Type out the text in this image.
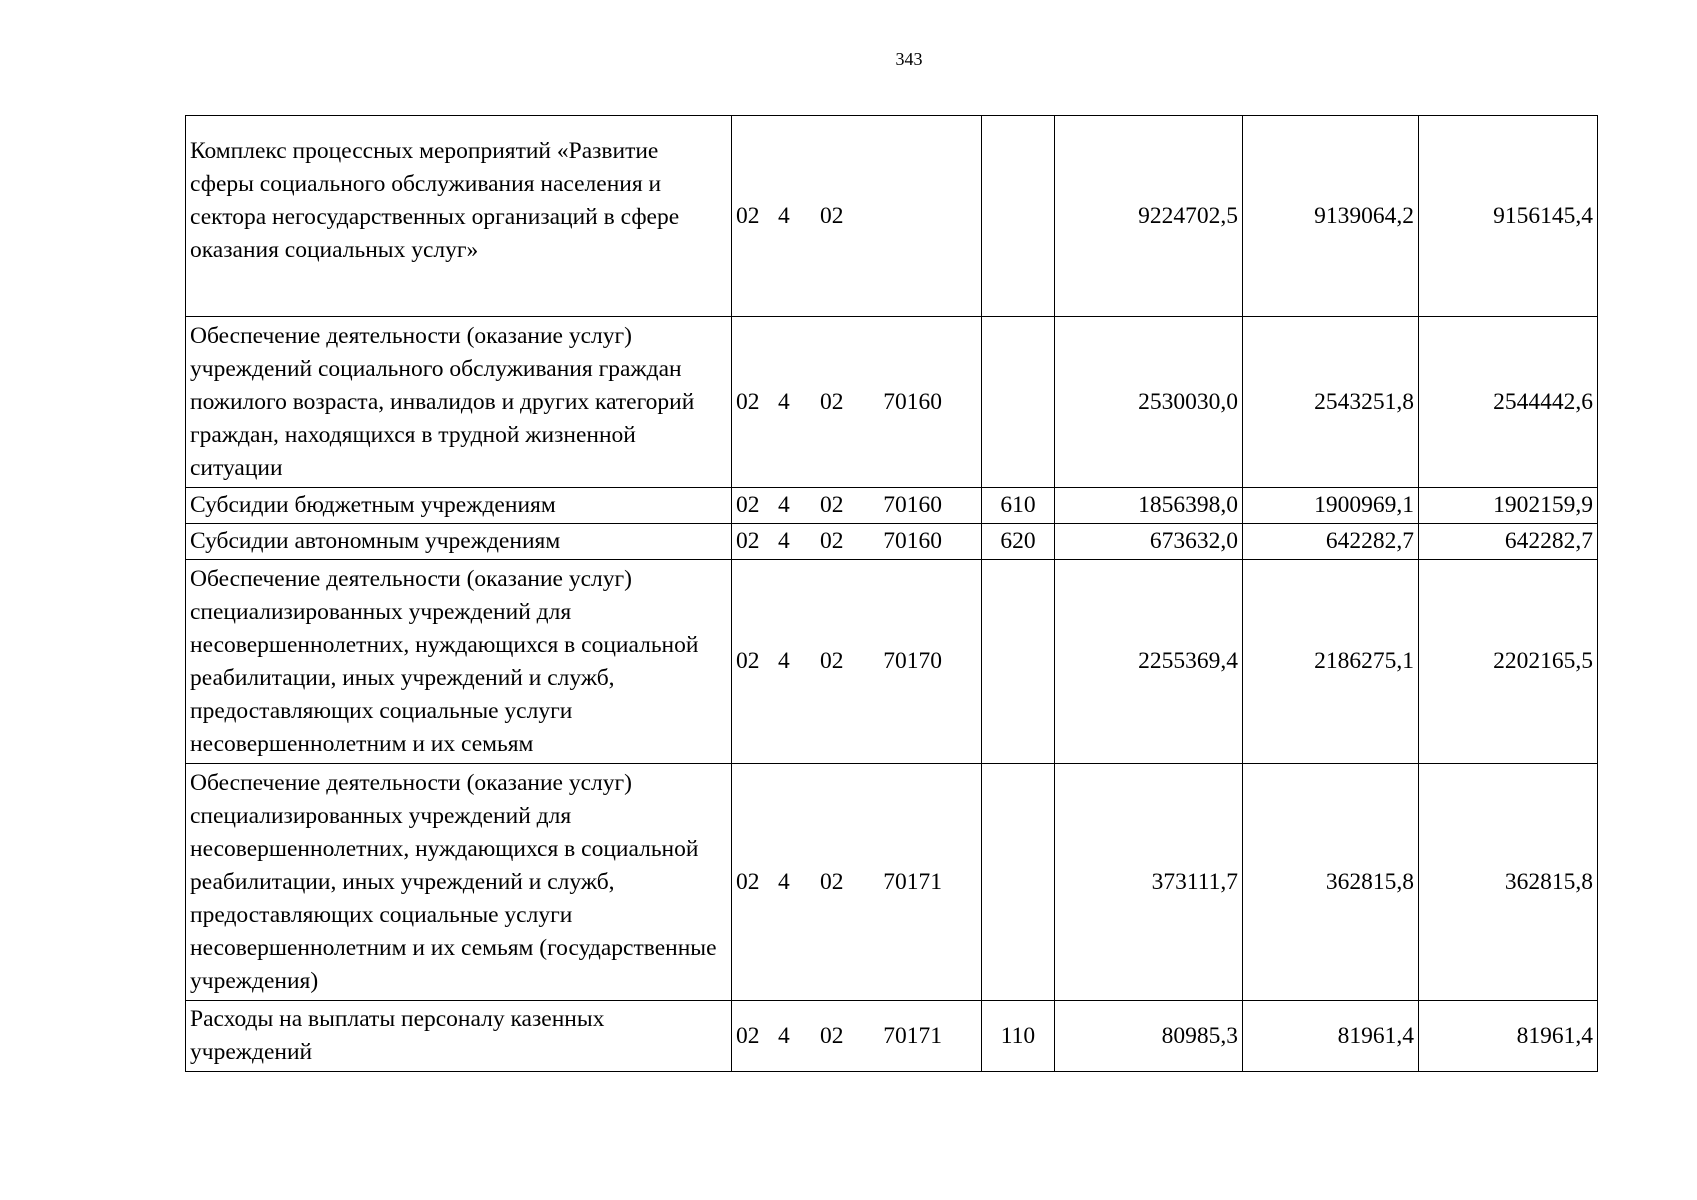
343
Комплекс процессных мероприятий «Развитие сферы социального обслуживания населения и сектора негосударственных организаций в сфере оказания социальных услуг»	02 4 02		9224702,5	9139064,2	9156145,4
Обеспечение деятельности (оказание услуг) учреждений социального обслуживания граждан пожилого возраста, инвалидов и других категорий граждан, находящихся в трудной жизненной ситуации	02 4 02 70160		2530030,0	2543251,8	2544442,6
Субсидии бюджетным учреждениям	02 4 02 70160	610	1856398,0	1900969,1	1902159,9
Субсидии автономным учреждениям	02 4 02 70160	620	673632,0	642282,7	642282,7
Обеспечение деятельности (оказание услуг) специализированных учреждений для несовершеннолетних, нуждающихся в социальной реабилитации, иных учреждений и служб, предоставляющих социальные услуги несовершеннолетним и их семьям	02 4 02 70170		2255369,4	2186275,1	2202165,5
Обеспечение деятельности (оказание услуг) специализированных учреждений для несовершеннолетних, нуждающихся в социальной реабилитации, иных учреждений и служб, предоставляющих социальные услуги несовершеннолетним и их семьям (государственные учреждения)	02 4 02 70171		373111,7	362815,8	362815,8
Расходы на выплаты персоналу казенных учреждений	02 4 02 70171	110	80985,3	81961,4	81961,4
